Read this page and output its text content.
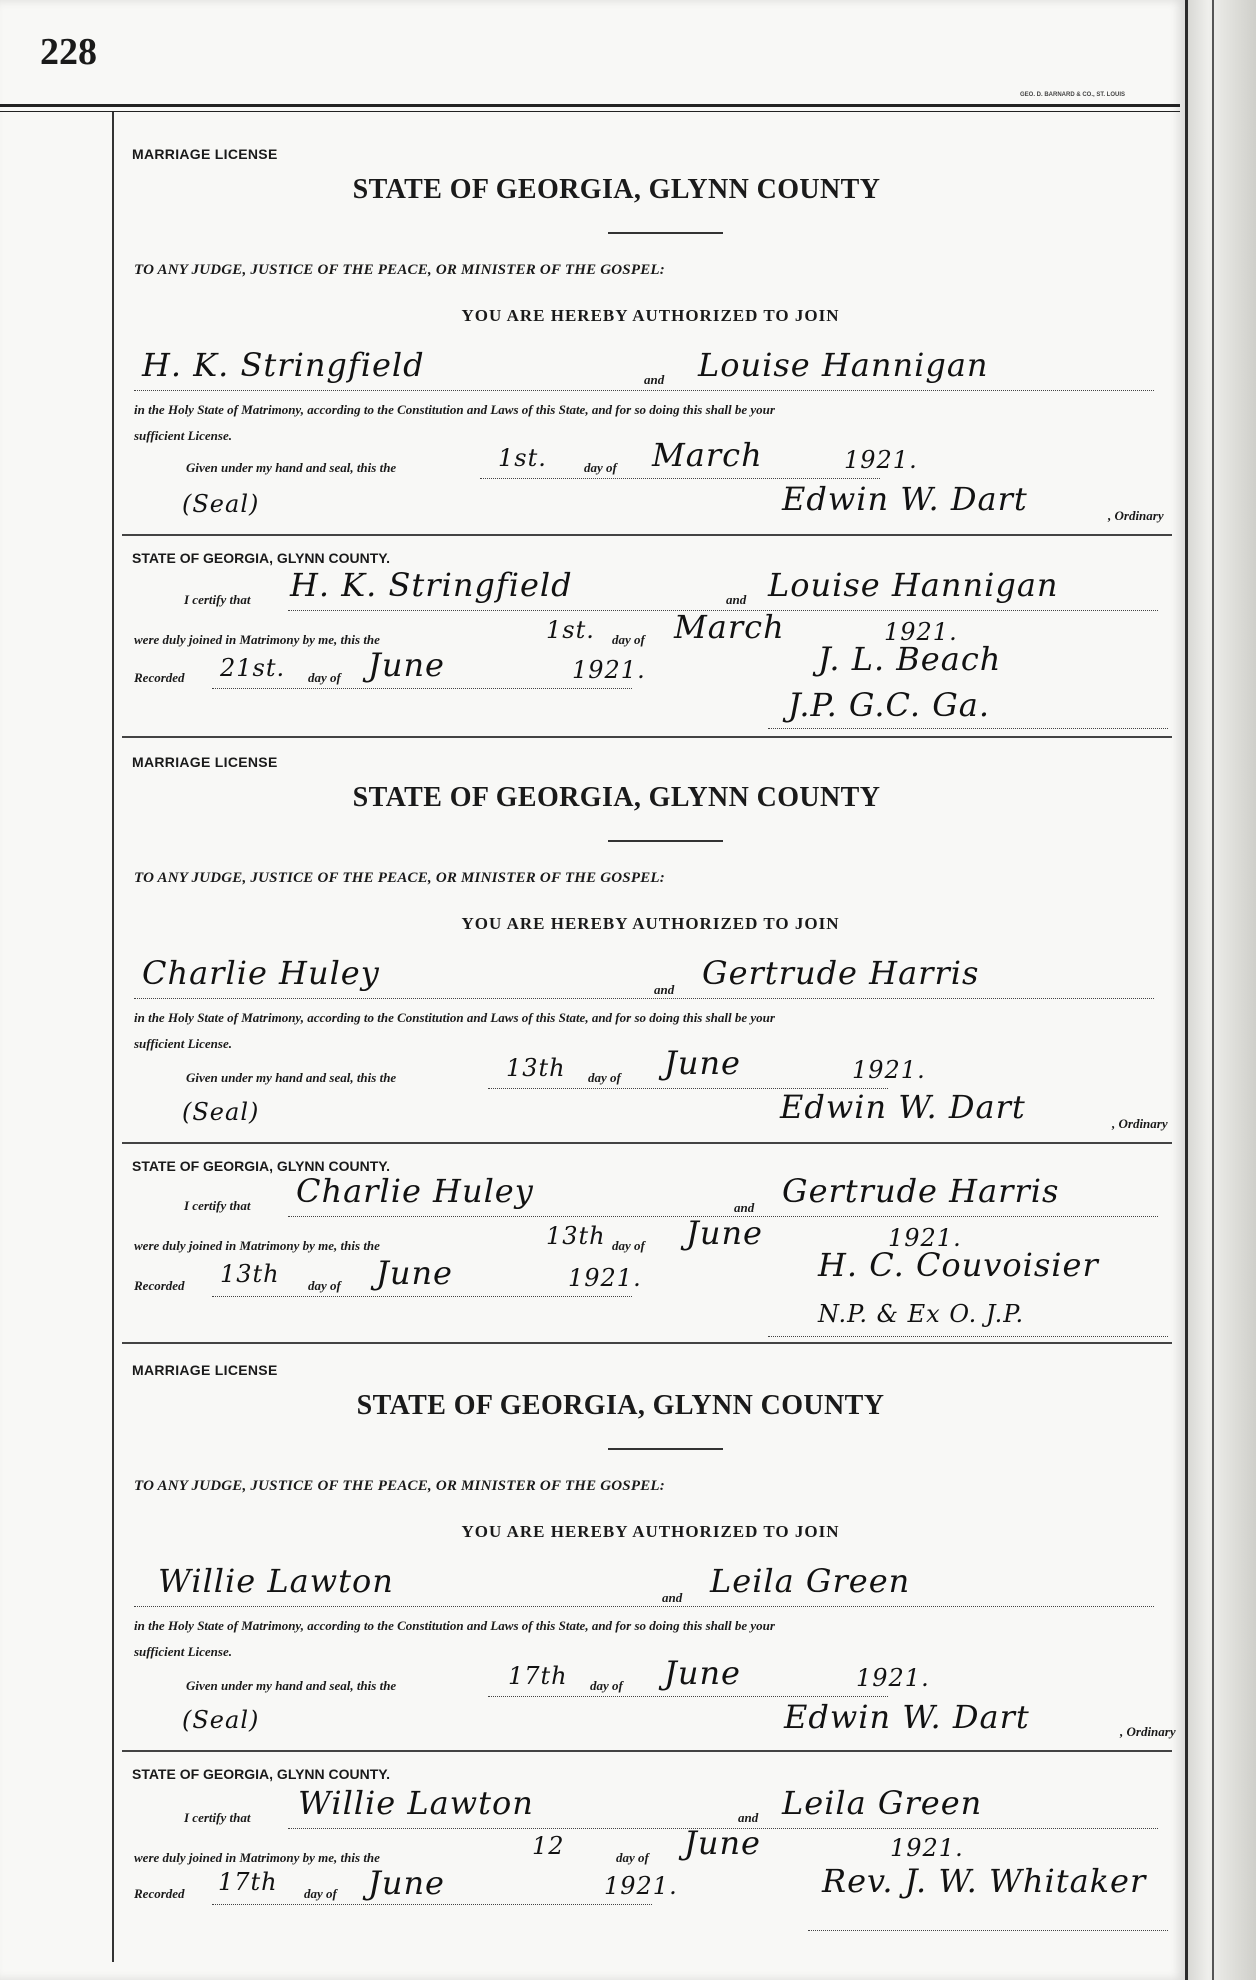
228
GEO. D. BARNARD & CO., ST. LOUIS
MARRIAGE LICENSE
STATE OF GEORGIA, GLYNN COUNTY
TO ANY JUDGE, JUSTICE OF THE PEACE, OR MINISTER OF THE GOSPEL:
YOU ARE HEREBY AUTHORIZED TO JOIN
H. K. Stringfield	and Louise Hannigan
in the Holy State of Matrimony, according to the Constitution and Laws of this State, and for so doing this shall be your
sufficient License.
Given under my hand and seal, this the	1st.	day of March	1921.
(Seal)	Edwin W. Dart	, Ordinary
STATE OF GEORGIA, GLYNN COUNTY.
I certify that H. K. Stringfield	and Louise Hannigan
were duly joined in Matrimony by me, this the	1st. day of March	1921.
Recorded 21st. day of June	1921.	J. L. Beach
J.P. G.C. Ga.
MARRIAGE LICENSE
STATE OF GEORGIA, GLYNN COUNTY
TO ANY JUDGE, JUSTICE OF THE PEACE, OR MINISTER OF THE GOSPEL:
YOU ARE HEREBY AUTHORIZED TO JOIN
Charlie Huley	and Gertrude Harris
in the Holy State of Matrimony, according to the Constitution and Laws of this State, and for so doing this shall be your
sufficient License.
Given under my hand and seal, this the	13th day of June	1921.
(Seal)	Edwin W. Dart	, Ordinary
STATE OF GEORGIA, GLYNN COUNTY.
I certify that Charlie Huley	and Gertrude Harris
were duly joined in Matrimony by me, this the	13th day of June	1921.
Recorded 13th day of June	1921.	H. C. Couvoisier
N.P. & Ex O. J.P.
MARRIAGE LICENSE
STATE OF GEORGIA, GLYNN COUNTY
TO ANY JUDGE, JUSTICE OF THE PEACE, OR MINISTER OF THE GOSPEL:
YOU ARE HEREBY AUTHORIZED TO JOIN
Willie Lawton	and Leila Green
in the Holy State of Matrimony, according to the Constitution and Laws of this State, and for so doing this shall be your
sufficient License.
Given under my hand and seal, this the	17th day of June	1921.
(Seal)	Edwin W. Dart	, Ordinary
STATE OF GEORGIA, GLYNN COUNTY.
I certify that Willie Lawton	and Leila Green
were duly joined in Matrimony by me, this the	12	day of June	1921.
Recorded 17th day of June	1921.	Rev. J. W. Whitaker
